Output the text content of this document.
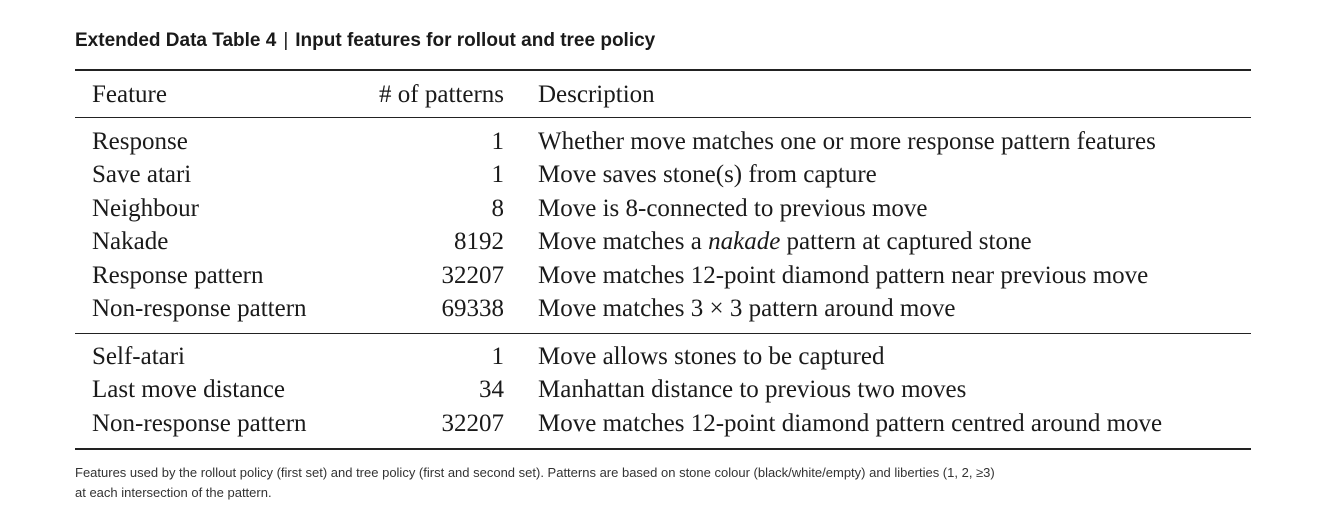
Extended Data Table 4 | Input features for rollout and tree policy
Feature	# of patterns Description
Response	1 Whether move matches one or more response pattern features
Save atari	1 Move saves stone(s) from capture
Neighbour	8 Move is 8-connected to previous move
Nakade	8192 Move matches a nakade pattern at captured stone
Response pattern	32207 Move matches 12-point diamond pattern near previous move
Non-response pattern	69338 Move matches 3 × 3 pattern around move
Self-atari	1 Move allows stones to be captured
Last move distance	34 Manhattan distance to previous two moves
Non-response pattern	32207 Move matches 12-point diamond pattern centred around move
Features used by the rollout policy (first set) and tree policy (first and second set). Patterns are based on stone colour (black/white/empty) and liberties (1, 2, ≥3)
at each intersection of the pattern.
